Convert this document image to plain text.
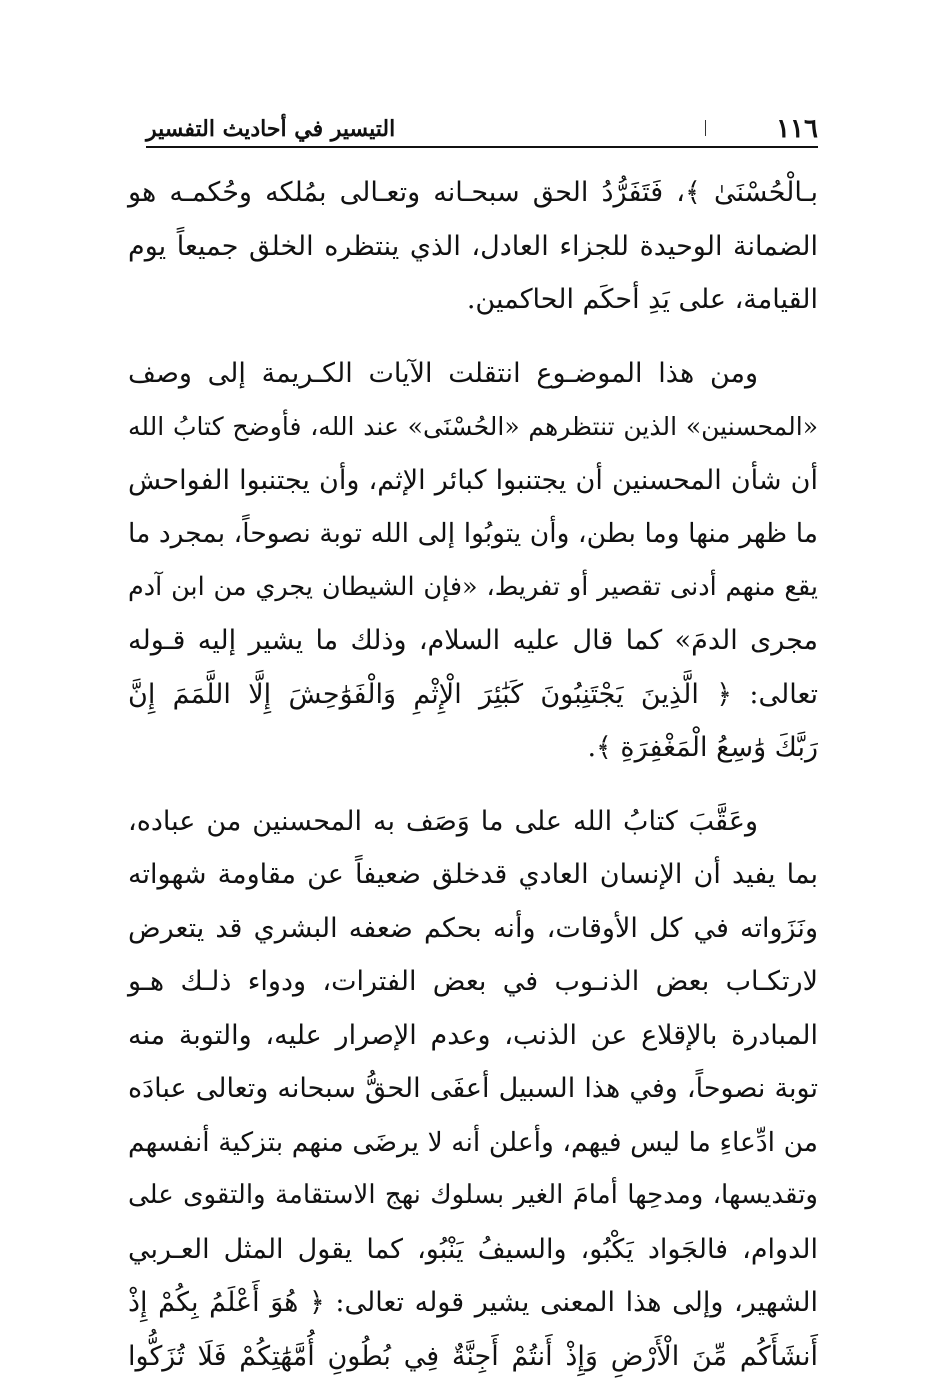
١١٦
التيسير في أحاديث التفسير
بـالْحُسْنَىٰ ﴾، فَتَفَرُّدُ الحق سبحـانه وتعـالى بمُلكه وحُكمـه هو
الضمانة الوحيدة للجزاء العادل، الذي ينتظره الخلق جميعاً يوم
القيامة، على يَدِ أحكَم الحاكمين.
ومن هذا الموضـوع انتقلت الآيات الكـريمة إلى وصف
«المحسنين» الذين تنتظرهم «الحُسْنَى» عند الله، فأوضح كتابُ الله
أن شأن المحسنين أن يجتنبوا كبائر الإثم، وأن يجتنبوا الفواحش
ما ظهر منها وما بطن، وأن يتوبُوا إلى الله توبة نصوحاً، بمجرد ما
يقع منهم أدنى تقصير أو تفريط، «فإن الشيطان يجري من ابن آدم
مجرى الدمَ» كما قال عليه السلام، وذلك ما يشير إليه قـوله
تعالى: ﴿ الَّذِينَ يَجْتَنِبُونَ كَبَٰئِرَ الْإِثْمِ وَالْفَوَٰحِشَ إِلَّا اللَّمَمَ إِنَّ
رَبَّكَ وَٰسِعُ الْمَغْفِرَةِ ﴾.
وعَقَّبَ كتابُ الله على ما وَصَف به المحسنين من عباده،
بما يفيد أن الإنسان العادي قدخلق ضعيفاً عن مقاومة شهواته
ونَزَواته في كل الأوقات، وأنه بحكم ضعفه البشري قد يتعرض
لارتكـاب بعض الذنـوب في بعض الفترات، ودواء ذلـك هـو
المبادرة بالإقلاع عن الذنب، وعدم الإصرار عليه، والتوبة منه
توبة نصوحاً، وفي هذا السبيل أعفَى الحقُّ سبحانه وتعالى عبادَه
من ادِّعاءِ ما ليس فيهم، وأعلن أنه لا يرضَى منهم بتزكية أنفسهم
وتقديسها، ومدحِها أمامَ الغير بسلوك نهج الاستقامة والتقوى على
الدوام، فالجَواد يَكْبُو، والسيفُ يَنْبُو، كما يقول المثل العـربي
الشهير، وإلى هذا المعنى يشير قوله تعالى: ﴿ هُوَ أَعْلَمُ بِكُمْ إِذْ
أَنشَأَكُم مِّنَ الْأَرْضِ وَإِذْ أَنتُمْ أَجِنَّةٌ فِي بُطُونِ أُمَّهَٰتِكُمْ فَلَا تُزَكُّوا
